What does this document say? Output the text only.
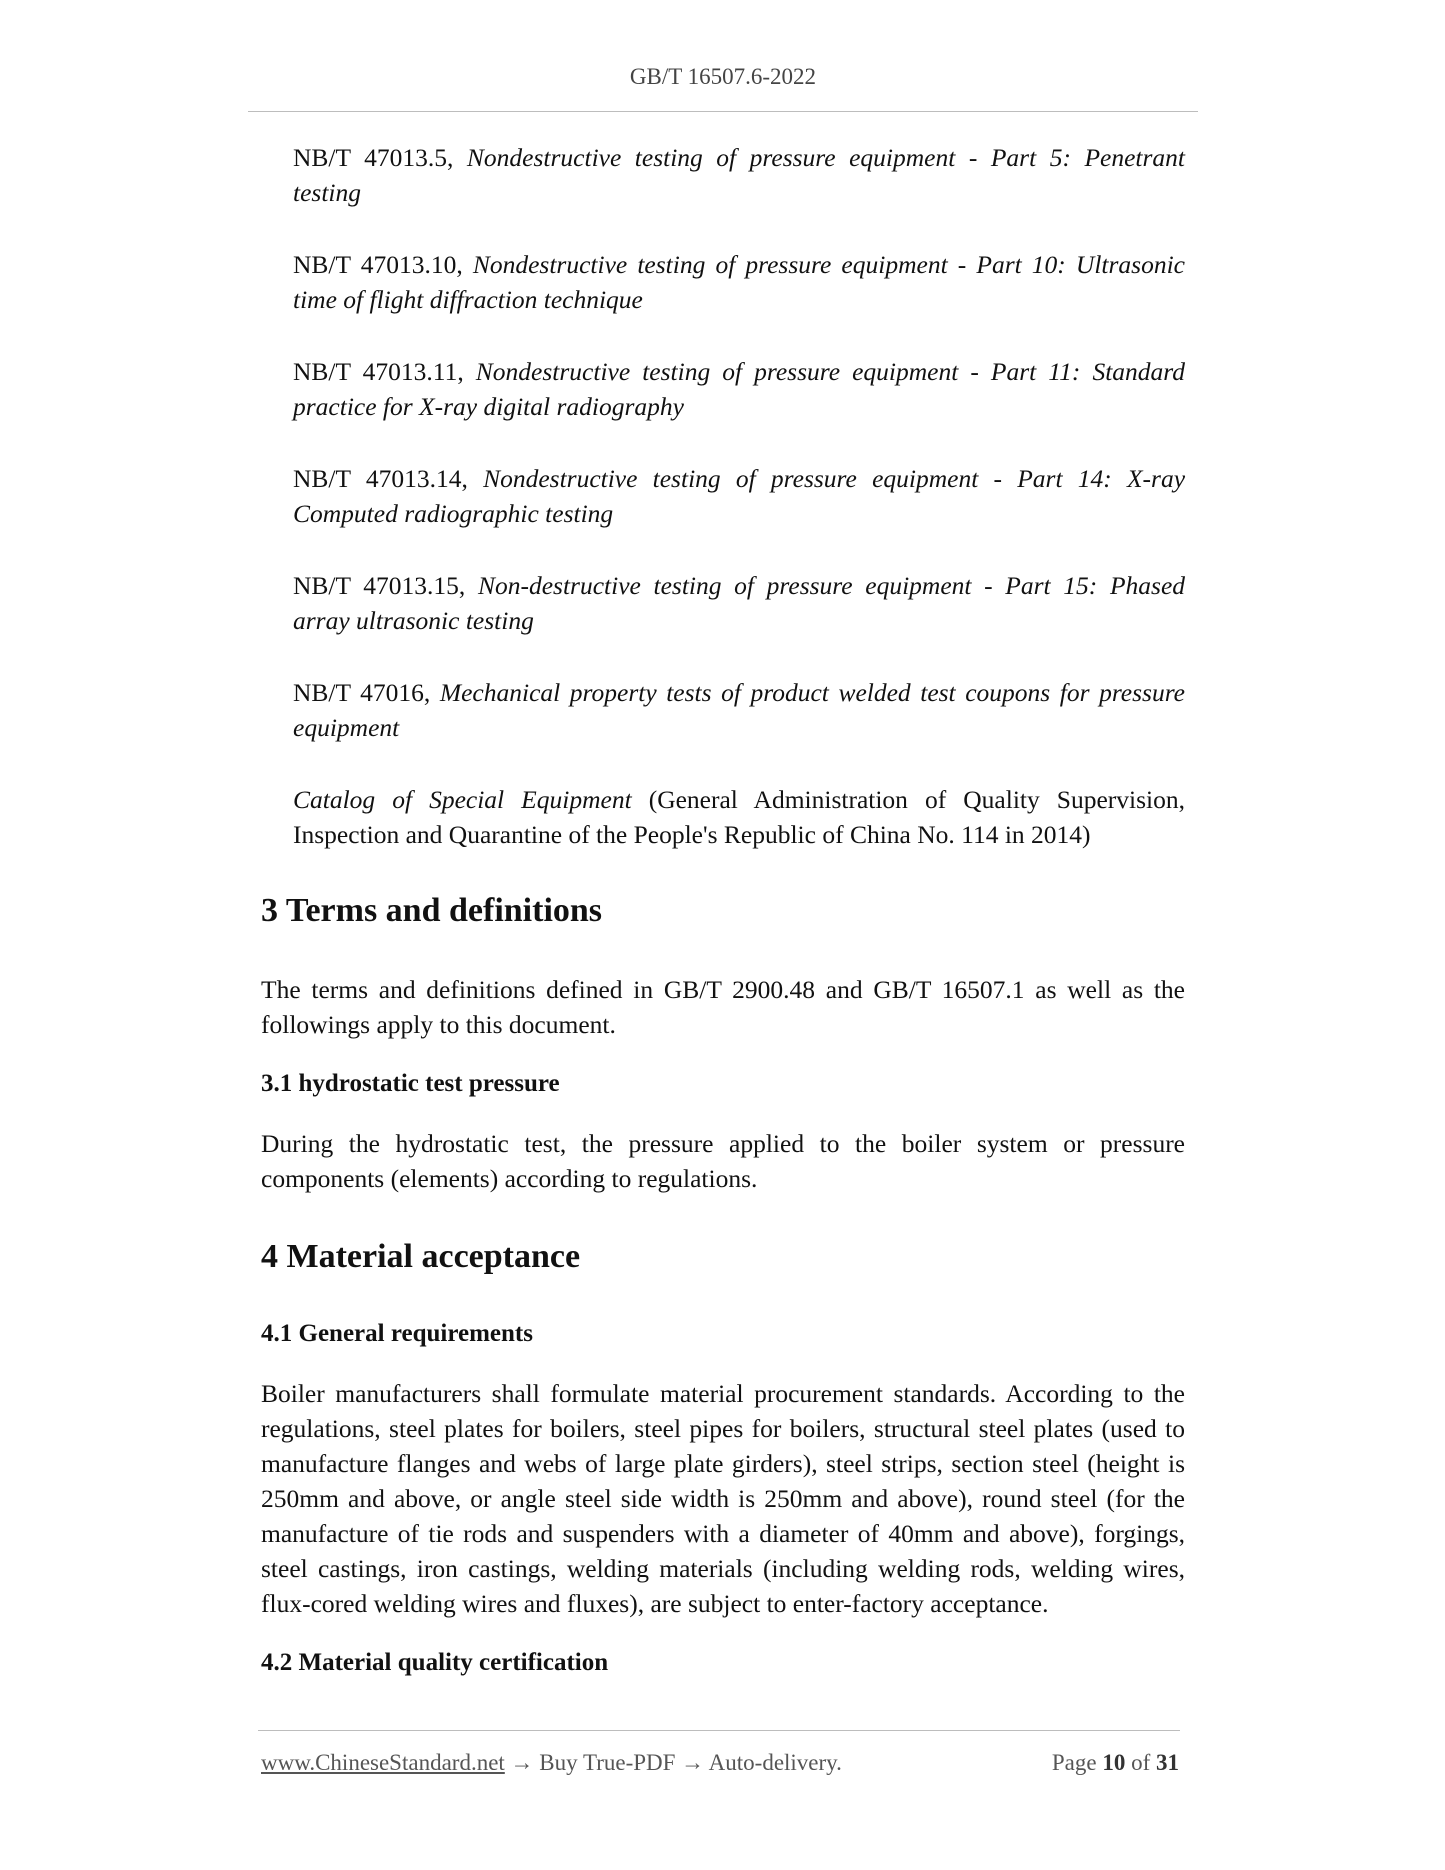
GB/T 16507.6-2022
NB/T 47013.5, Nondestructive testing of pressure equipment - Part 5: Penetrant testing
NB/T 47013.10, Nondestructive testing of pressure equipment - Part 10: Ultrasonic time of flight diffraction technique
NB/T 47013.11, Nondestructive testing of pressure equipment - Part 11: Standard practice for X-ray digital radiography
NB/T 47013.14, Nondestructive testing of pressure equipment - Part 14: X-ray Computed radiographic testing
NB/T 47013.15, Non-destructive testing of pressure equipment - Part 15: Phased array ultrasonic testing
NB/T 47016, Mechanical property tests of product welded test coupons for pressure equipment
Catalog of Special Equipment (General Administration of Quality Supervision, Inspection and Quarantine of the People's Republic of China No. 114 in 2014)
3 Terms and definitions

The terms and definitions defined in GB/T 2900.48 and GB/T 16507.1 as well as the followings apply to this document.

3.1 hydrostatic test pressure

During the hydrostatic test, the pressure applied to the boiler system or pressure components (elements) according to regulations.

4 Material acceptance
4.1 General requirements

Boiler manufacturers shall formulate material procurement standards. According to the regulations, steel plates for boilers, steel pipes for boilers, structural steel plates (used to manufacture flanges and webs of large plate girders), steel strips, section steel (height is 250mm and above, or angle steel side width is 250mm and above), round steel (for the manufacture of tie rods and suspenders with a diameter of 40mm and above), forgings, steel castings, iron castings, welding materials (including welding rods, welding wires, flux-cored welding wires and fluxes), are subject to enter-factory acceptance.

4.2 Material quality certification
www.ChineseStandard.net → Buy True-PDF → Auto-delivery.	Page 10 of 31
